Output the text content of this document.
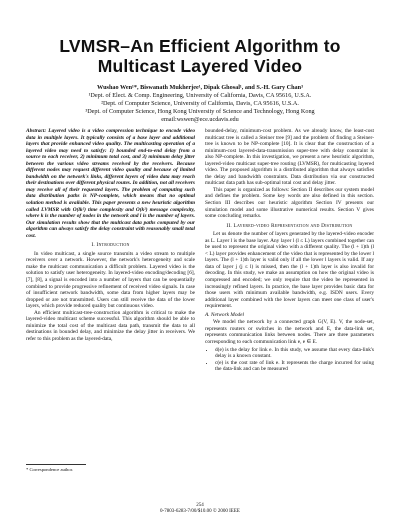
LVMSR–An Efficient Algorithm to
Multicast Layered Video
Wushao Wen¹*, Biswanath Mukherjee¹, Dipak Ghosal¹, and S.-H. Gary Chan³
¹Dept. of Elect. & Comp. Engineering, University of California, Davis, CA 95616, U.S.A.
²Dept. of Computer Science, University of California, Davis, CA 95616, U.S.A.
³Dept. of Computer Science, Hong Kong University of Science and Technology, Hong Kong
email:wswen@ece.ucdavis.edu

Abstract: Layered video is a video compression technique to encode video data in multiple layers. It typically consists of a base layer and additional layers that provide enhanced video quality. The multicasting operation of a layered video may need to satisfy: 1) bounded end-to-end delay from a source to each receiver, 2) minimum total cost, and 3) minimum delay jitter between the various video streams received by the receivers. Because different nodes may request different video quality and because of limited bandwidth on the network's links, different layers of video data may reach their destinations over different physical routes. In addition, not all receivers may receive all of their requested layers. The problem of computing such data distribution paths is NP-complete, which means that no optimal solution method is available. This paper presents a new heuristic algorithm called LVMSR with O(lk²) time complexity and O(k²) message complexity, where k is the number of nodes in the network and l is the number of layers. Our simulation results show that the multicast data paths computed by our algorithm can always satisfy the delay constraint with reasonably small total cost.

I. Introduction

In video multicast, a single source transmits a video stream to multiple receivers over a network. However, the network's heterogeneity and scale make the multicast communication a difficult problem. Layered video is the solution to satisfy user heterogeneity. In layered-video encoding/decoding [6], [7], [8], a signal is encoded into a number of layers that can be sequentially combined to provide progressive refinement of received video signals. In case of insufficient network bandwidth, some data from higher layers may be dropped or are not transmitted. Users can still receive the data of the lower layers, which provide reduced quality but continuous video.

An efficient multicast-tree-construction algorithm is critical to make the layered-video multicast scheme successful. This algorithm should be able to minimize the total cost of the multicast data path, transmit the data to all destinations in bounded delay, and minimize the delay jitter in receivers. We refer to this problem as the layered-data,

* Correspondence author.

bounded-delay, minimum-cost problem. As we already know, the least-cost multicast tree is called a Steiner tree [9] and the problem of finding a Steiner-tree is known to be NP-complete [10]. It is clear that the construction of a minimum-cost layered-data-transmission super-tree with delay constraint is also NP-complete. In this investigation, we present a new heuristic algorithm, layered-video multicast super-tree routing (LVMSR), for multicasting layered video. The proposed algorithm is a distributed algorithm that always satisfies the delay and bandwidth constraints. Data distribution via our constructed multicast data path has sub-optimal total cost and delay jitter.

This paper is organized as follows: Section II describes our system model and defines the problem. Some key words are also defined in this section. Section III describes our heuristic algorithm Section IV presents our simulation model and some illustrative numerical results. Section V gives some concluding remarks.

II. Layered-video Representation and Distribution

Let us denote the number of layers generated by the layered-video encoder as L. Layer l is the base layer. Any layer l (l ≤ L) layers combined together can be used to represent the original video with a different quality. The (l + 1)th (l < L) layer provides enhancement of the video that is represented by the lower l layers. The (l + 1)th layer is valid only if all the lower l layers is valid. If any data of layer j (j ≤ l) is missed, then the (l + 1)th layer is also invalid for decoding. In this study, we make an assumption on how the original video is compressed and encoded; we only require that the video be represented in increasingly refined layers. In practice, the base layer provides basic data for those users with minimum available bandwidth, e.g. ISDN users. Every additional layer combined with the lower layers can meet one class of user's requirement.

A. Network Model

We model the network by a connected graph G(V, E). V, the node-set, represents routers or switches in the network and E, the data-link set, represents communication links between nodes. There are three parameters corresponding to each communication link e, e ∈ E.

• d(e) is the delay for link e. In this study, we assume that every data-link's delay is a known constant.
• c(e) is the cost rate of link e. It represents the charge incurred for using the data-link and can be measured
254
0-7803-6283-7/00/$10.00 © 2000 IEEE
